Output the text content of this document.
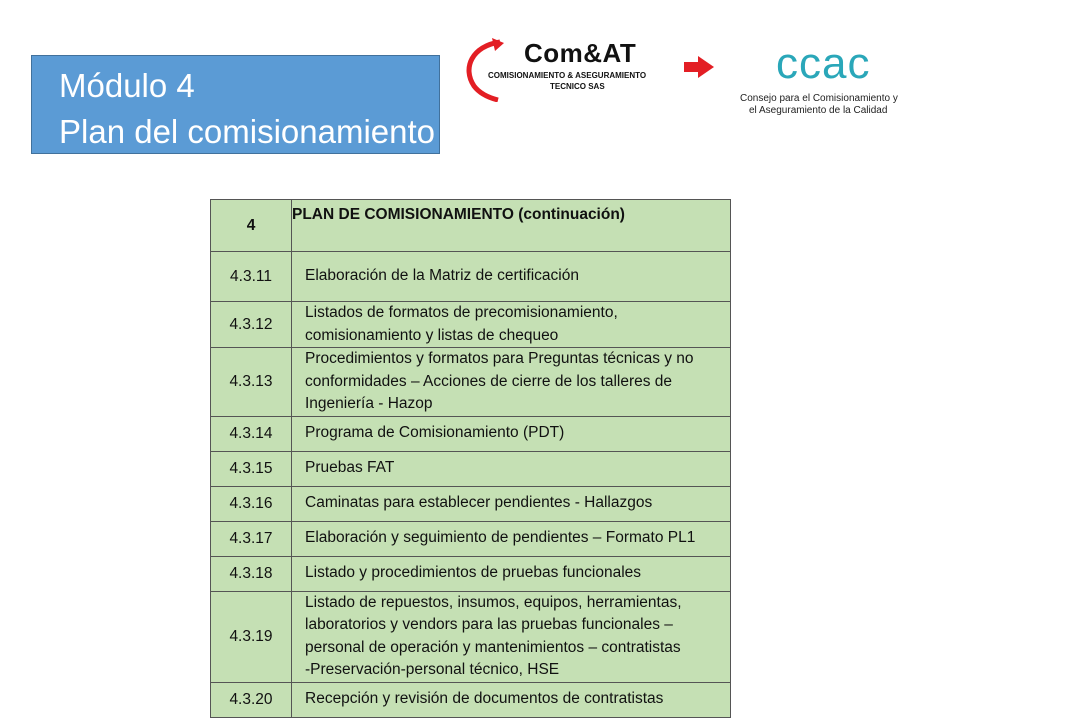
Módulo 4
Plan del comisionamiento
Com&AT
COMISIONAMIENTO & ASEGURAMIENTO
TECNICO SAS	ccac
Consejo para el Comisionamiento y
el Aseguramiento de la Calidad
4	PLAN DE COMISIONAMIENTO (continuación)
4.3.11	Elaboración de la Matriz de certificación

4.3.12	Listados de formatos de precomisionamiento,
comisionamiento y listas de chequeo

4.3.13	Procedimientos y formatos para Preguntas técnicas y no
conformidades – Acciones de cierre de los talleres de
Ingeniería - Hazop

4.3.14	Programa de Comisionamiento (PDT)

4.3.15	Pruebas FAT

4.3.16	Caminatas para establecer pendientes - Hallazgos

4.3.17	Elaboración y seguimiento de pendientes – Formato PL1

4.3.18	Listado y procedimientos de pruebas funcionales

4.3.19	Listado de repuestos, insumos, equipos, herramientas,
laboratorios y vendors para las pruebas funcionales –
personal de operación y mantenimientos – contratistas
-Preservación-personal técnico, HSE

4.3.20	Recepción y revisión de documentos de contratistas
